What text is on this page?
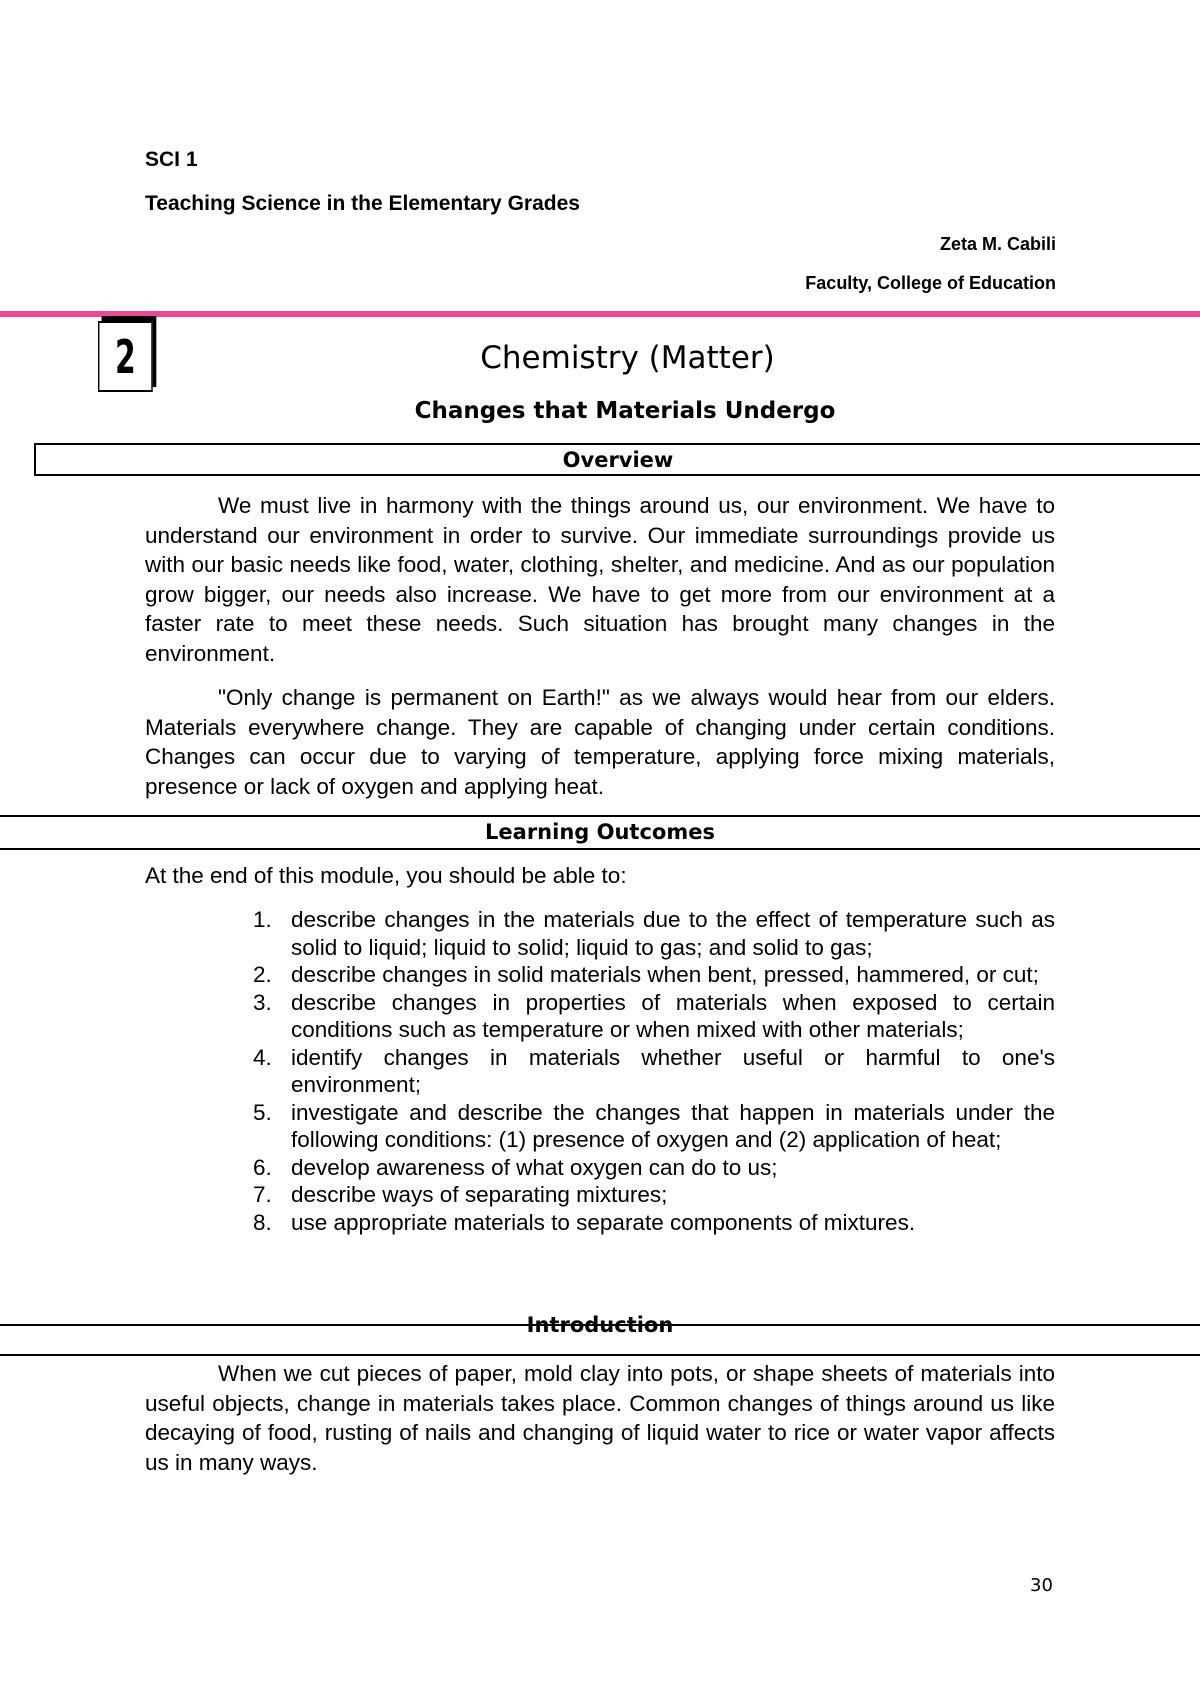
SCI 1
Teaching Science in the Elementary Grades
Zeta M. Cabili
Faculty, College of Education
2	Chemistry (Matter)
Changes that Materials Undergo
Overview
We must live in harmony with the things around us, our environment. We have to understand our environment in order to survive. Our immediate surroundings provide us with our basic needs like food, water, clothing, shelter, and medicine. And as our population grow bigger, our needs also increase. We have to get more from our environment at a faster rate to meet these needs. Such situation has brought many changes in the environment.
"Only change is permanent on Earth!" as we always would hear from our elders. Materials everywhere change. They are capable of changing under certain conditions. Changes can occur due to varying of temperature, applying force mixing materials, presence or lack of oxygen and applying heat.
Learning Outcomes
At the end of this module, you should be able to:
1. describe changes in the materials due to the effect of temperature such as solid to liquid; liquid to solid; liquid to gas; and solid to gas;
2. describe changes in solid materials when bent, pressed, hammered, or cut;
3. describe changes in properties of materials when exposed to certain conditions such as temperature or when mixed with other materials;
4. identify changes in materials whether useful or harmful to one's environment;
5. investigate and describe the changes that happen in materials under the following conditions: (1) presence of oxygen and (2) application of heat;
6. develop awareness of what oxygen can do to us;
7. describe ways of separating mixtures;
8. use appropriate materials to separate components of mixtures.
Introduction
When we cut pieces of paper, mold clay into pots, or shape sheets of materials into useful objects, change in materials takes place. Common changes of things around us like decaying of food, rusting of nails and changing of liquid water to rice or water vapor affects us in many ways.
30
